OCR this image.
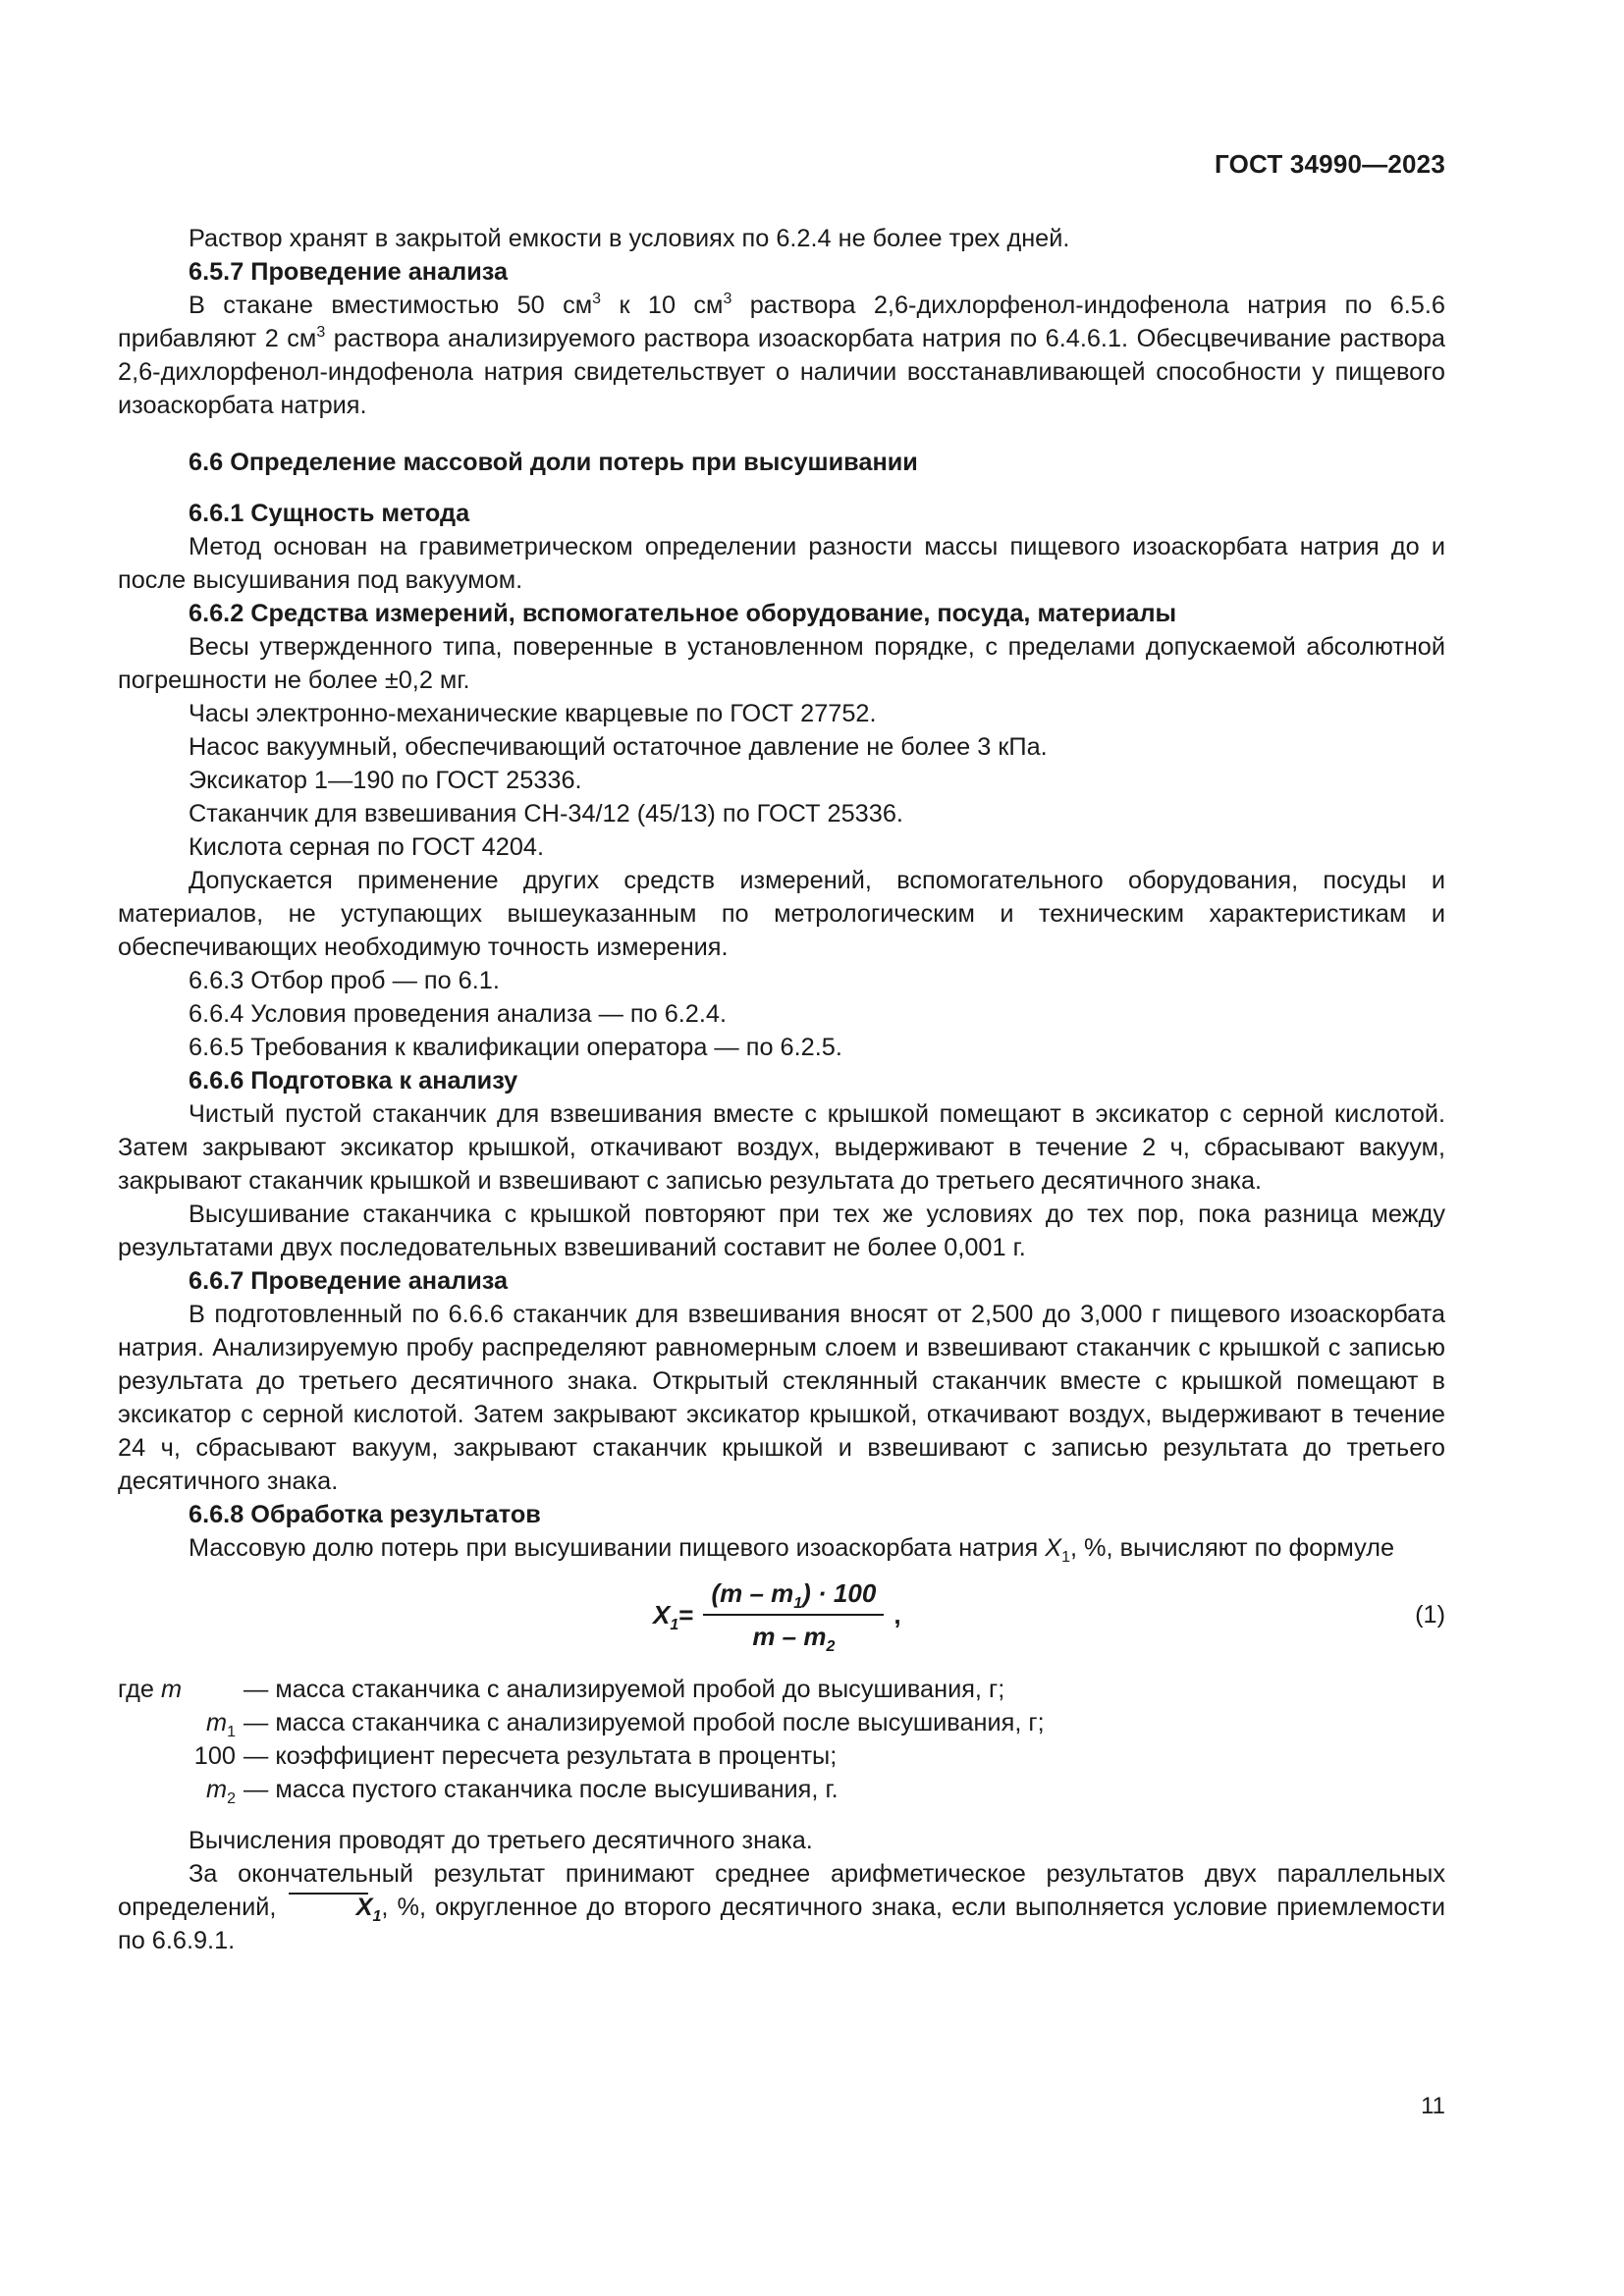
ГОСТ 34990—2023

Раствор хранят в закрытой емкости в условиях по 6.2.4 не более трех дней.

6.5.7 Проведение анализа

В стакане вместимостью 50 $см^3$ к 10 $см^3$ раствора 2,6-дихлорфенол-индофенола натрия по 6.5.6 прибавляют 2 $см^3$ раствора анализируемого раствора изоаскорбата натрия по 6.4.6.1. Обесцвечивание раствора 2,6-дихлорфенол-индофенола натрия свидетельствует о наличии восстанавливающей способности у пищевого изоаскорбата натрия.

6.6 Определение массовой доли потерь при высушивании

6.6.1 Сущность метода

Метод основан на гравиметрическом определении разности массы пищевого изоаскорбата натрия до и после высушивания под вакуумом.

6.6.2 Средства измерений, вспомогательное оборудование, посуда, материалы

Весы утвержденного типа, поверенные в установленном порядке, с пределами допускаемой абсолютной погрешности не более ±0,2 мг.

Часы электронно-механические кварцевые по ГОСТ 27752.

Насос вакуумный, обеспечивающий остаточное давление не более 3 кПа.

Эксикатор 1—190 по ГОСТ 25336.

Стаканчик для взвешивания СН-34/12 (45/13) по ГОСТ 25336.

Кислота серная по ГОСТ 4204.

Допускается применение других средств измерений, вспомогательного оборудования, посуды и материалов, не уступающих вышеуказанным по метрологическим и техническим характеристикам и обеспечивающих необходимую точность измерения.

6.6.3 Отбор проб — по 6.1.

6.6.4 Условия проведения анализа — по 6.2.4.

6.6.5 Требования к квалификации оператора — по 6.2.5.

6.6.6 Подготовка к анализу

Чистый пустой стаканчик для взвешивания вместе с крышкой помещают в эксикатор с серной кислотой. Затем закрывают эксикатор крышкой, откачивают воздух, выдерживают в течение 2 ч, сбрасывают вакуум, закрывают стаканчик крышкой и взвешивают с записью результата до третьего десятичного знака.

Высушивание стаканчика с крышкой повторяют при тех же условиях до тех пор, пока разница между результатами двух последовательных взвешиваний составит не более 0,001 г.

6.6.7 Проведение анализа

В подготовленный по 6.6.6 стаканчик для взвешивания вносят от 2,500 до 3,000 г пищевого изоаскорбата натрия. Анализируемую пробу распределяют равномерным слоем и взвешивают стаканчик с крышкой с записью результата до третьего десятичного знака. Открытый стеклянный стаканчик вместе с крышкой помещают в эксикатор с серной кислотой. Затем закрывают эксикатор крышкой, откачивают воздух, выдерживают в течение 24 ч, сбрасывают вакуум, закрывают стаканчик крышкой и взвешивают с записью результата до третьего десятичного знака.

6.6.8 Обработка результатов

Массовую долю потерь при высушивании пищевого изоаскорбата натрия $X_1$, %, вычисляют по формуле

$X_1 = \frac{(m - m_1) \cdot 100}{m - m_2}$ ,	(1)
где m	— масса стаканчика с анализируемой пробой до высушивания, г;
$m_1$ — масса стаканчика с анализируемой пробой после высушивания, г;
100 — коэффициент пересчета результата в проценты;
$m_2$ — масса пустого стаканчика после высушивания, г.

Вычисления проводят до третьего десятичного знака.

За окончательный результат принимают среднее арифметическое результатов двух параллельных определений,	$X_1$, %, округленное до второго десятичного знака, если выполняется условие приемлемости по 6.6.9.1.

11
